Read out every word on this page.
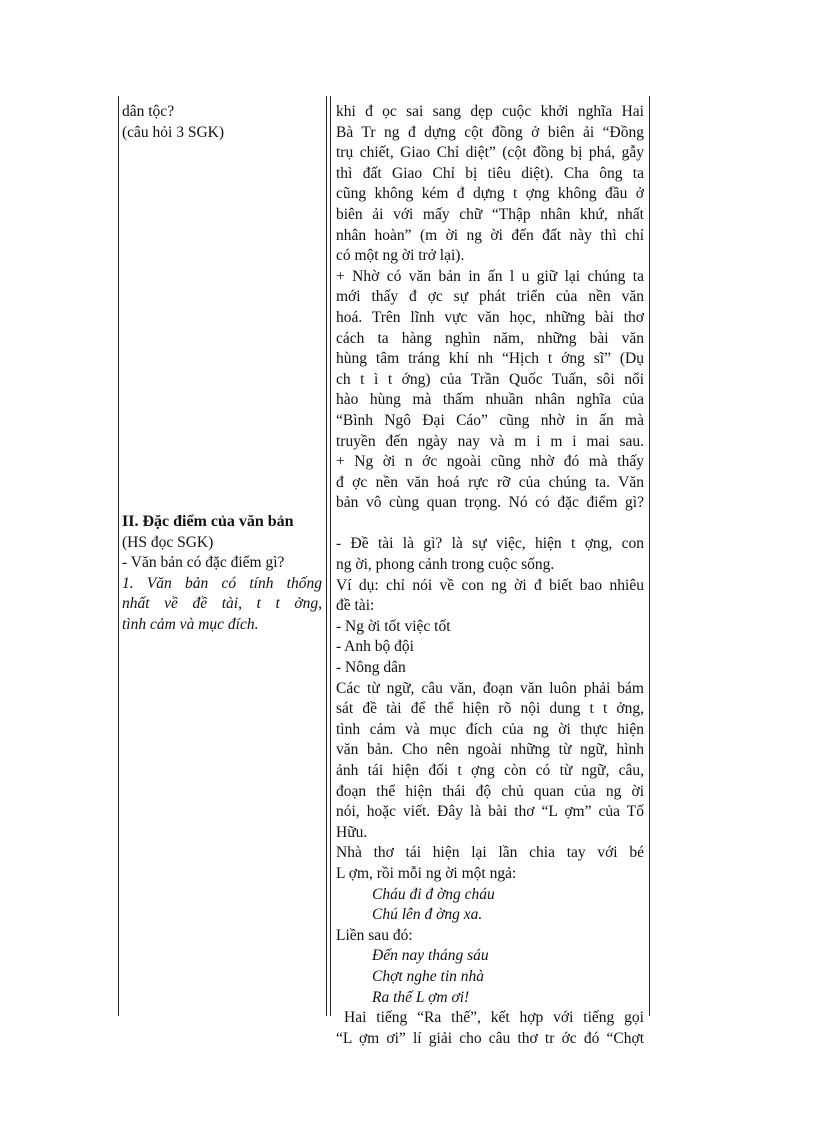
dân tộc?
(câu hỏi 3 SGK)
II. Đặc điểm của văn bản
(HS đọc SGK)
- Văn bản có đặc điểm gì?
1. Văn bản có tính thống
nhất về đề tài, t t ởng,
tình cảm và mục đích.
khi đ ọc sai sang dẹp cuộc khởi nghĩa Hai
Bà Tr ng đ dựng cột đồng ở biên ải “Đồng
trụ chiết, Giao Chỉ diệt” (cột đồng bị phá, gẫy
thì đất Giao Chỉ bị tiêu diệt). Cha ông ta
cũng không kém đ dựng t ợng không đầu ở
biên ải với mấy chữ “Thập nhân khứ, nhất
nhân hoàn” (m ời ng ời đến đất này thì chỉ
có một ng ời trở lại).
+ Nhờ có văn bản in ấn l u giữ lại chúng ta
mới thấy đ ợc sự phát triển của nền văn
hoá. Trên lĩnh vực văn học, những bài thơ
cách ta hàng nghìn năm, những bài văn
hùng tâm tráng khí nh “Hịch t ớng sĩ” (Dụ
ch t ì t ớng) của Trần Quốc Tuấn, sôi nổi
hào hùng mà thấm nhuần nhân nghĩa của
“Bình Ngô Đại Cáo” cũng nhờ in ấn mà
truyền đến ngày nay và m i m i mai sau.
+ Ng ời n ớc ngoài cũng nhờ đó mà thấy
đ ợc nền văn hoá rực rỡ của chúng ta. Văn
bản vô cùng quan trọng. Nó có đặc điểm gì?
- Đề tài là gì? là sự việc, hiện t ợng, con
ng ời, phong cảnh trong cuộc sống.
Ví dụ: chỉ nói về con ng ời đ biết bao nhiêu
đề tài:
- Ng ời tốt việc tốt
- Anh bộ đội
- Nông dân
Các từ ngữ, câu văn, đoạn văn luôn phải bám
sát đề tài để thể hiện rõ nội dung t t ởng,
tình cảm và mục đích của ng ời thực hiện
văn bản. Cho nên ngoài những từ ngữ, hình
ảnh tái hiện đối t ợng còn có từ ngữ, câu,
đoạn thể hiện thái độ chủ quan của ng ời
nói, hoặc viết. Đây là bài thơ “L ợm” của Tố
Hữu.
Nhà thơ tái hiện lại lần chia tay với bé
L ợm, rồi mỗi ng ời một ngả:
Cháu đi đ ờng cháu
Chú lên đ ờng xa.
Liền sau đó:
Đến nay tháng sáu
Chợt nghe tin nhà
Ra thế L ợm ơi!
Hai tiếng “Ra thế”, kết hợp với tiếng gọi
“L ợm ơi” lí giải cho câu thơ tr ớc đó “Chợt
